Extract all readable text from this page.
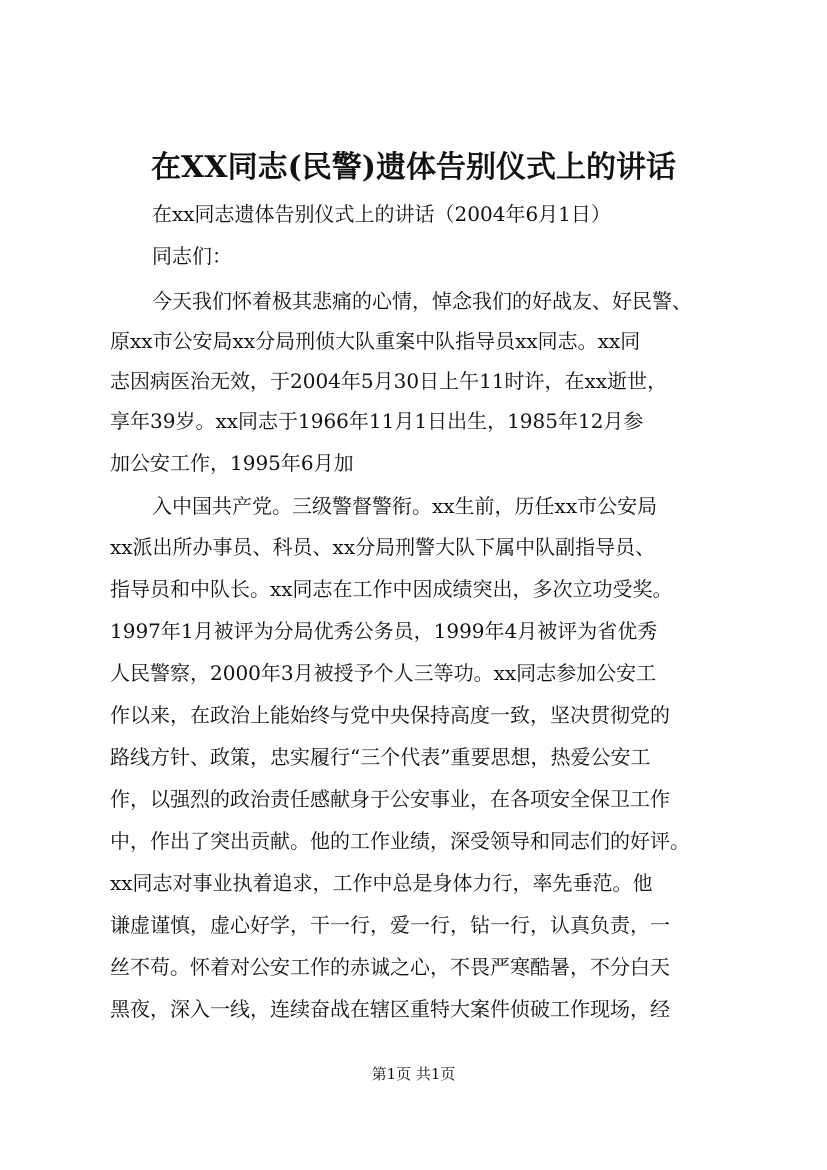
在XX同志(民警)遗体告别仪式上的讲话

在xx同志遗体告别仪式上的讲话（2004年6月1日）

同志们：

今天我们怀着极其悲痛的心情，悼念我们的好战友、好民警、

原xx市公安局xx分局刑侦大队重案中队指导员xx同志。xx同

志因病医治无效，于2004年5月30日上午11时许，在xx逝世，

享年39岁。xx同志于1966年11月1日出生，1985年12月参

加公安工作，1995年6月加

入中国共产党。三级警督警衔。xx生前，历任xx市公安局

xx派出所办事员、科员、xx分局刑警大队下属中队副指导员、

指导员和中队长。xx同志在工作中因成绩突出，多次立功受奖。

1997年1月被评为分局优秀公务员，1999年4月被评为省优秀

人民警察，2000年3月被授予个人三等功。xx同志参加公安工

作以来，在政治上能始终与党中央保持高度一致，坚决贯彻党的

路线方针、政策，忠实履行“三个代表”重要思想，热爱公安工

作，以强烈的政治责任感献身于公安事业，在各项安全保卫工作

中，作出了突出贡献。他的工作业绩，深受领导和同志们的好评。

xx同志对事业执着追求，工作中总是身体力行，率先垂范。他

谦虚谨慎，虚心好学，干一行，爱一行，钻一行，认真负责，一

丝不苟。怀着对公安工作的赤诚之心，不畏严寒酷暑，不分白天

黑夜，深入一线，连续奋战在辖区重特大案件侦破工作现场，经

第1页 共1页
